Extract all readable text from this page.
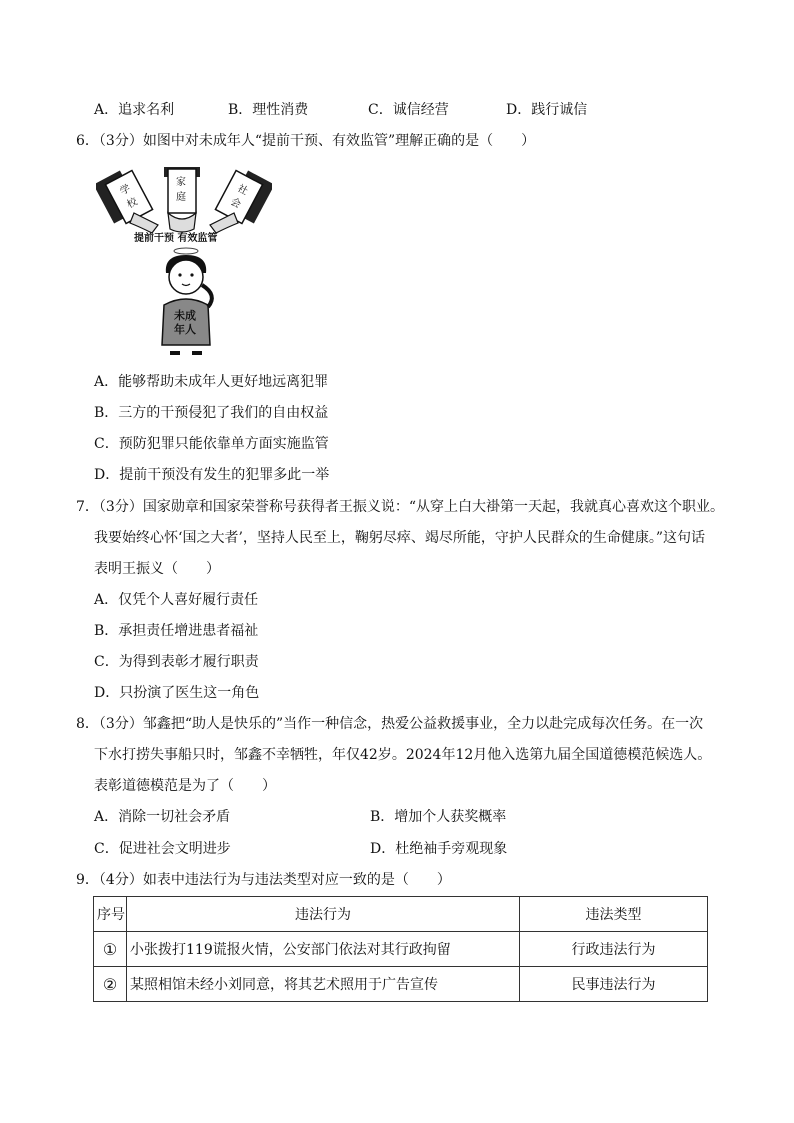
A．追求名利	B．理性消费	C．诚信经营	D．践行诚信
6．（3分）如图中对未成年人“提前干预、有效监管”理解正确的是（　　）
学
校
家
庭	社
会
提前干预 有效监管
未成
年人
A．能够帮助未成年人更好地远离犯罪
B．三方的干预侵犯了我们的自由权益
C．预防犯罪只能依靠单方面实施监管
D．提前干预没有发生的犯罪多此一举
7．（3分）国家勋章和国家荣誉称号获得者王振义说：“从穿上白大褂第一天起，我就真心喜欢这个职业。
我要始终心怀‘国之大者’，坚持人民至上，鞠躬尽瘁、竭尽所能，守护人民群众的生命健康。”这句话
表明王振义（　　）
A．仅凭个人喜好履行责任
B．承担责任增进患者福祉
C．为得到表彰才履行职责
D．只扮演了医生这一角色
8．（3分）邹鑫把“助人是快乐的”当作一种信念，热爱公益救援事业，全力以赴完成每次任务。在一次
下水打捞失事船只时，邹鑫不幸牺牲，年仅42岁。2024年12月他入选第九届全国道德模范候选人。
表彰道德模范是为了（　　）
A．消除一切社会矛盾	B．增加个人获奖概率
C．促进社会文明进步	D．杜绝袖手旁观现象
9．（4分）如表中违法行为与违法类型对应一致的是（　　）
序号	违法行为	违法类型
①	小张拨打119谎报火情，公安部门依法对其行政拘留	行政违法行为
②	某照相馆未经小刘同意，将其艺术照用于广告宣传	民事违法行为
